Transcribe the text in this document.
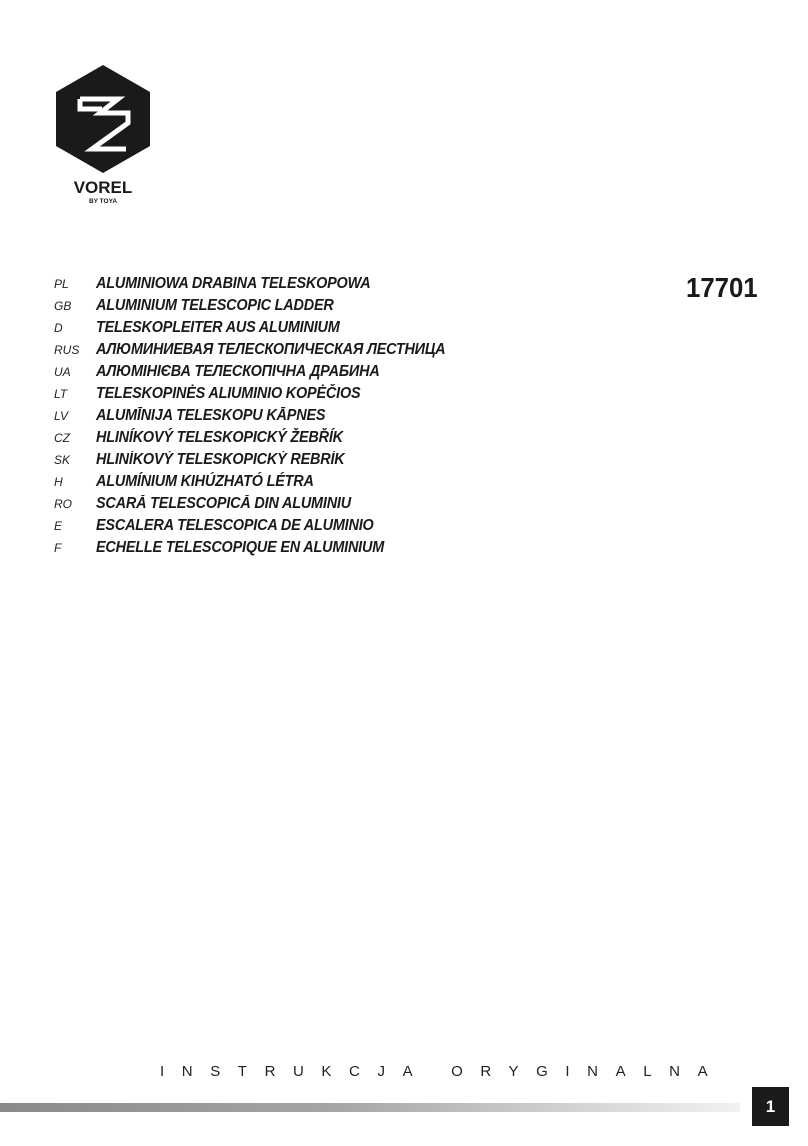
VOREL
BY TOYA
17701
PL	ALUMINIOWA DRABINA TELESKOPOWA
GB	ALUMINIUM TELESCOPIC LADDER
D	TELESKOPLEITER AUS ALUMINIUM
RUS	АЛЮМИНИЕВАЯ ТЕЛЕСКОПИЧЕСКАЯ ЛЕСТНИЦА
UA	АЛЮМІНІЄВА ТЕЛЕСКОПІЧНА ДРАБИНА
LT	TELESKOPINĖS ALIUMINIO KOPĖČIOS
LV	ALUMĪNIJA TELESKOPU KĀPNES
CZ	HLINÍKOVÝ TELESKOPICKÝ ŽEBŘÍK
SK	HLINÍKOVÝ TELESKOPICKÝ REBRÍK
H	ALUMÍNIUM KIHÚZHATÓ LÉTRA
RO	SCARĂ TELESCOPICĂ DIN ALUMINIU
E	ESCALERA TELESCOPICA DE ALUMINIO
F	ECHELLE TELESCOPIQUE EN ALUMINIUM
INSTRUKCJA ORYGINALNA
1
